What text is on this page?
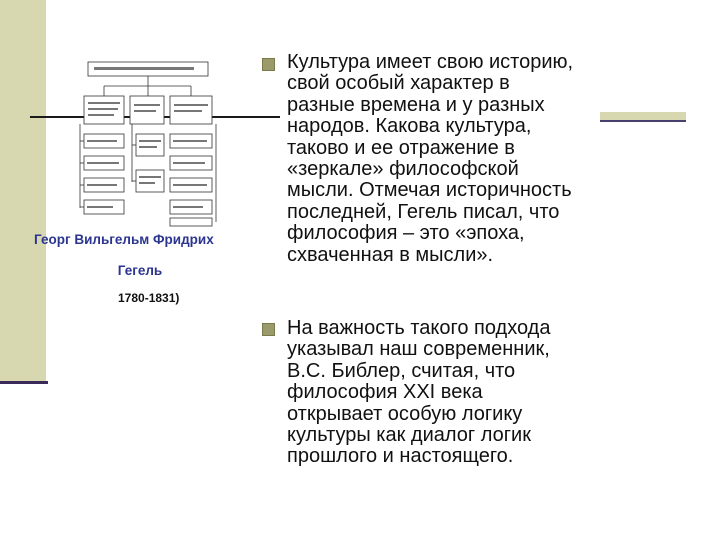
Георг Вильгельм Фридрих
Гегель
1780-1831)
Культура имеет свою историю,
свой особый характер в
разные времена и у разных
народов. Какова культура,
таково и ее отражение в
«зеркале» философской
мысли. Отмечая историчность
последней, Гегель писал, что
философия – это «эпоха,
схваченная в мысли».
На важность такого подхода
указывал наш современник,
В.С. Библер, считая, что
философия XXI века
открывает особую логику
культуры как диалог логик
прошлого и настоящего.
